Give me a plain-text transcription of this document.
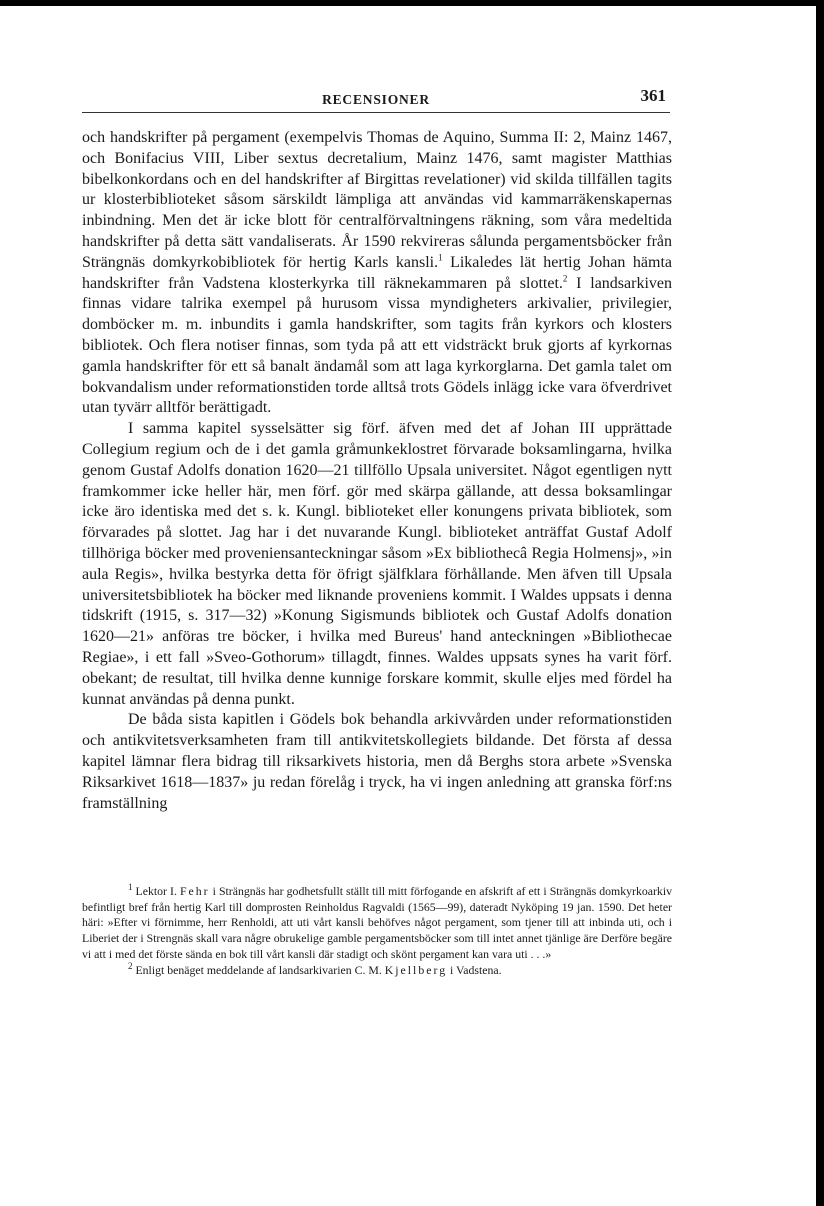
RECENSIONER	361

och handskrifter på pergament (exempelvis Thomas de Aquino, Summa II: 2, Mainz 1467, och Bonifacius VIII, Liber sextus decretalium, Mainz 1476, samt magister Matthias bibelkonkordans och en del handskrifter af Birgittas revelationer) vid skilda tillfällen tagits ur klosterbiblioteket såsom särskildt lämpliga att användas vid kammarräkenskapernas inbindning. Men det är icke blott för centralförvaltningens räkning, som våra medeltida handskrifter på detta sätt vandaliserats. År 1590 rekvireras sålunda pergamentsböcker från Strängnäs domkyrkobibliotek för hertig Karls kansli.$^1$ Likaledes lät hertig Johan hämta handskrifter från Vadstena klosterkyrka till räknekammaren på slottet.$^2$ I landsarkiven finnas vidare talrika exempel på hurusom vissa myndigheters arkivalier, privilegier, domböcker m. m. inbundits i gamla handskrifter, som tagits från kyrkors och klosters bibliotek. Och flera notiser finnas, som tyda på att ett vidsträckt bruk gjorts af kyrkornas gamla handskrifter för ett så banalt ändamål som att laga kyrkorglarna. Det gamla talet om bokvandalism under reformationstiden torde alltså trots Gödels inlägg icke vara öfverdrivet utan tyvärr alltför berättigadt.

I samma kapitel sysselsätter sig förf. äfven med det af Johan III upprättade Collegium regium och de i det gamla gråmunkeklostret förvarade boksamlingarna, hvilka genom Gustaf Adolfs donation 1620—21 tillföllo Upsala universitet. Något egentligen nytt framkommer icke heller här, men förf. gör med skärpa gällande, att dessa boksamlingar icke äro identiska med det s. k. Kungl. biblioteket eller konungens privata bibliotek, som förvarades på slottet. Jag har i det nuvarande Kungl. biblioteket anträffat Gustaf Adolf tillhöriga böcker med proveniensanteckningar såsom »Ex bibliothecâ Regia Holmensj», »in aula Regis», hvilka bestyrka detta för öfrigt själfklara förhållande. Men äfven till Upsala universitetsbibliotek ha böcker med liknande proveniens kommit. I Waldes uppsats i denna tidskrift (1915, s. 317—32) »Konung Sigismunds bibliotek och Gustaf Adolfs donation 1620—21» anföras tre böcker, i hvilka med Bureus' hand anteckningen »Bibliothecae Regiae», i ett fall »Sveo-Gothorum» tillagdt, finnes. Waldes uppsats synes ha varit förf. obekant; de resultat, till hvilka denne kunnige forskare kommit, skulle eljes med fördel ha kunnat användas på denna punkt.

De båda sista kapitlen i Gödels bok behandla arkivvården under reformationstiden och antikvitetsverksamheten fram till antikvitetskollegiets bildande. Det första af dessa kapitel lämnar flera bidrag till riksarkivets historia, men då Berghs stora arbete »Svenska Riksarkivet 1618—1837» ju redan förelåg i tryck, ha vi ingen anledning att granska förf:ns framställning

$^1$ Lektor I. Fehr i Strängnäs har godhetsfullt ställt till mitt förfogande en afskrift af ett i Strängnäs domkyrkoarkiv befintligt bref från hertig Karl till domprosten Reinholdus Ragvaldi (1565—99), dateradt Nyköping 19 jan. 1590. Det heter häri: »Efter vi förnimme, herr Renholdi, att uti vårt kansli behöfves något pergament, som tjener till att inbinda uti, och i Liberiet der i Strengnäs skall vara någre obrukelige gamble pergamentsböcker som till intet annet tjänlige äre Derföre begäre vi att i med det förste sända en bok till vårt kansli där stadigt och skönt pergament kan vara uti . . .»

$^2$ Enligt benäget meddelande af landsarkivarien C. M. Kjellberg i Vadstena.
